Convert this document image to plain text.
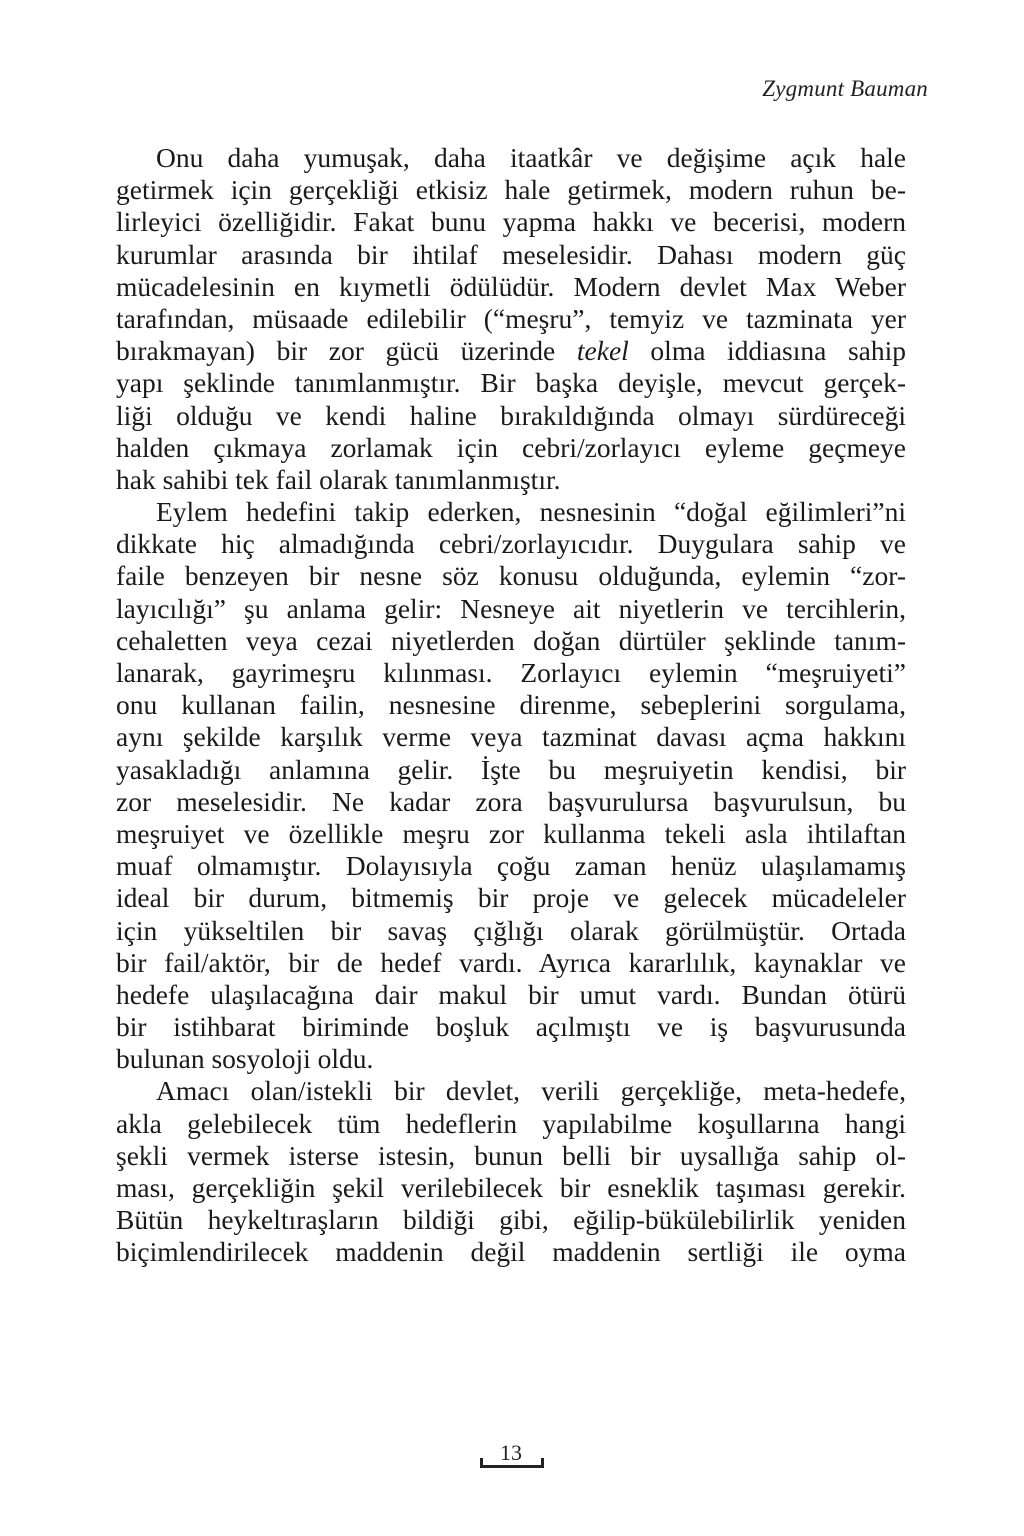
Zygmunt Bauman
Onu daha yumuşak, daha itaatkâr ve değişime açık hale
getirmek için gerçekliği etkisiz hale getirmek, modern ruhun be-
lirleyici özelliğidir. Fakat bunu yapma hakkı ve becerisi, modern
kurumlar arasında bir ihtilaf meselesidir. Dahası modern güç
mücadelesinin en kıymetli ödülüdür. Modern devlet Max Weber
tarafından, müsaade edilebilir (“meşru”, temyiz ve tazminata yer
bırakmayan) bir zor gücü üzerinde tekel olma iddiasına sahip
yapı şeklinde tanımlanmıştır. Bir başka deyişle, mevcut gerçek-
liği olduğu ve kendi haline bırakıldığında olmayı sürdüreceği
halden çıkmaya zorlamak için cebri/zorlayıcı eyleme geçmeye
hak sahibi tek fail olarak tanımlanmıştır.
Eylem hedefini takip ederken, nesnesinin “doğal eğilimleri”ni
dikkate hiç almadığında cebri/zorlayıcıdır. Duygulara sahip ve
faile benzeyen bir nesne söz konusu olduğunda, eylemin “zor-
layıcılığı” şu anlama gelir: Nesneye ait niyetlerin ve tercihlerin,
cehaletten veya cezai niyetlerden doğan dürtüler şeklinde tanım-
lanarak, gayrimeşru kılınması. Zorlayıcı eylemin “meşruiyeti”
onu kullanan failin, nesnesine direnme, sebeplerini sorgulama,
aynı şekilde karşılık verme veya tazminat davası açma hakkını
yasakladığı anlamına gelir. İşte bu meşruiyetin kendisi, bir
zor meselesidir. Ne kadar zora başvurulursa başvurulsun, bu
meşruiyet ve özellikle meşru zor kullanma tekeli asla ihtilaftan
muaf olmamıştır. Dolayısıyla çoğu zaman henüz ulaşılamamış
ideal bir durum, bitmemiş bir proje ve gelecek mücadeleler
için yükseltilen bir savaş çığlığı olarak görülmüştür. Ortada
bir fail/aktör, bir de hedef vardı. Ayrıca kararlılık, kaynaklar ve
hedefe ulaşılacağına dair makul bir umut vardı. Bundan ötürü
bir istihbarat biriminde boşluk açılmıştı ve iş başvurusunda
bulunan sosyoloji oldu.
Amacı olan/istekli bir devlet, verili gerçekliğe, meta-hedefe,
akla gelebilecek tüm hedeflerin yapılabilme koşullarına hangi
şekli vermek isterse istesin, bunun belli bir uysallığa sahip ol-
ması, gerçekliğin şekil verilebilecek bir esneklik taşıması gerekir.
Bütün heykeltıraşların bildiği gibi, eğilip-bükülebilirlik yeniden
biçimlendirilecek maddenin değil maddenin sertliği ile oyma
13
